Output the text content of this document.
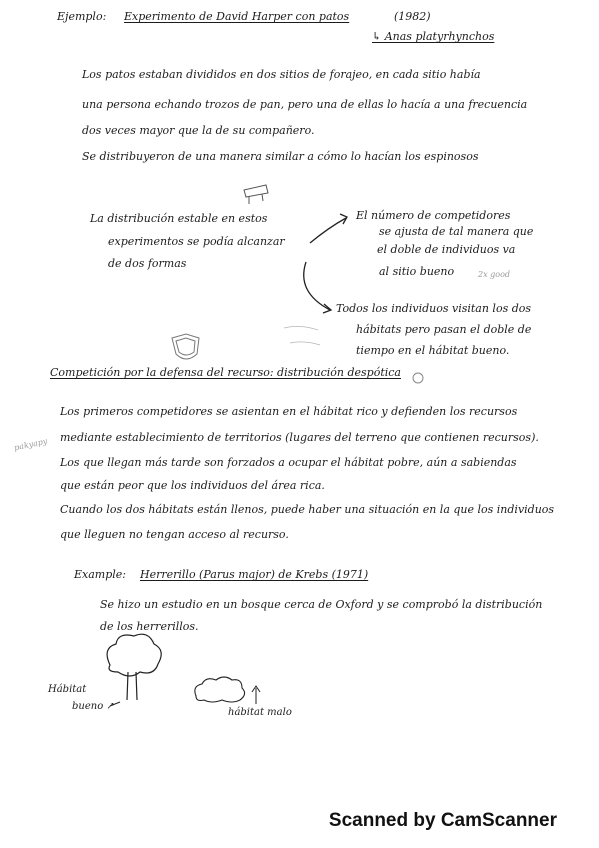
Ejemplo: Experimento de David Harper con patos	(1982)
↳ Anas platyrhynchos
Los patos estaban divididos en dos sitios de forajeo, en cada sitio había
una persona echando trozos de pan, pero una de ellas lo hacía a una frecuencia
dos veces mayor que la de su compañero.
Se distribuyeron de una manera similar a cómo lo hacían los espinosos
La distribución estable en estos
experimentos se podía alcanzar
de dos formas
El número de competidores
se ajusta de tal manera que
el doble de individuos va
al sitio bueno	2x good
Todos los individuos visitan los dos
hábitats pero pasan el doble de
tiempo en el hábitat bueno.
Competición por la defensa del recurso: distribución despótica
pakyapy
Los primeros competidores se asientan en el hábitat rico y defienden los recursos
mediante establecimiento de territorios (lugares del terreno que contienen recursos).
Los que llegan más tarde son forzados a ocupar el hábitat pobre, aún a sabiendas
que están peor que los individuos del área rica.
Cuando los dos hábitats están llenos, puede haber una situación en la que los individuos
que lleguen no tengan acceso al recurso.
Example: Herrerillo (Parus major) de Krebs (1971)
Se hizo un estudio en un bosque cerca de Oxford y se comprobó la distribución
de los herrerillos.
Hábitat
bueno ↗
hábitat malo
Scanned by CamScanner
